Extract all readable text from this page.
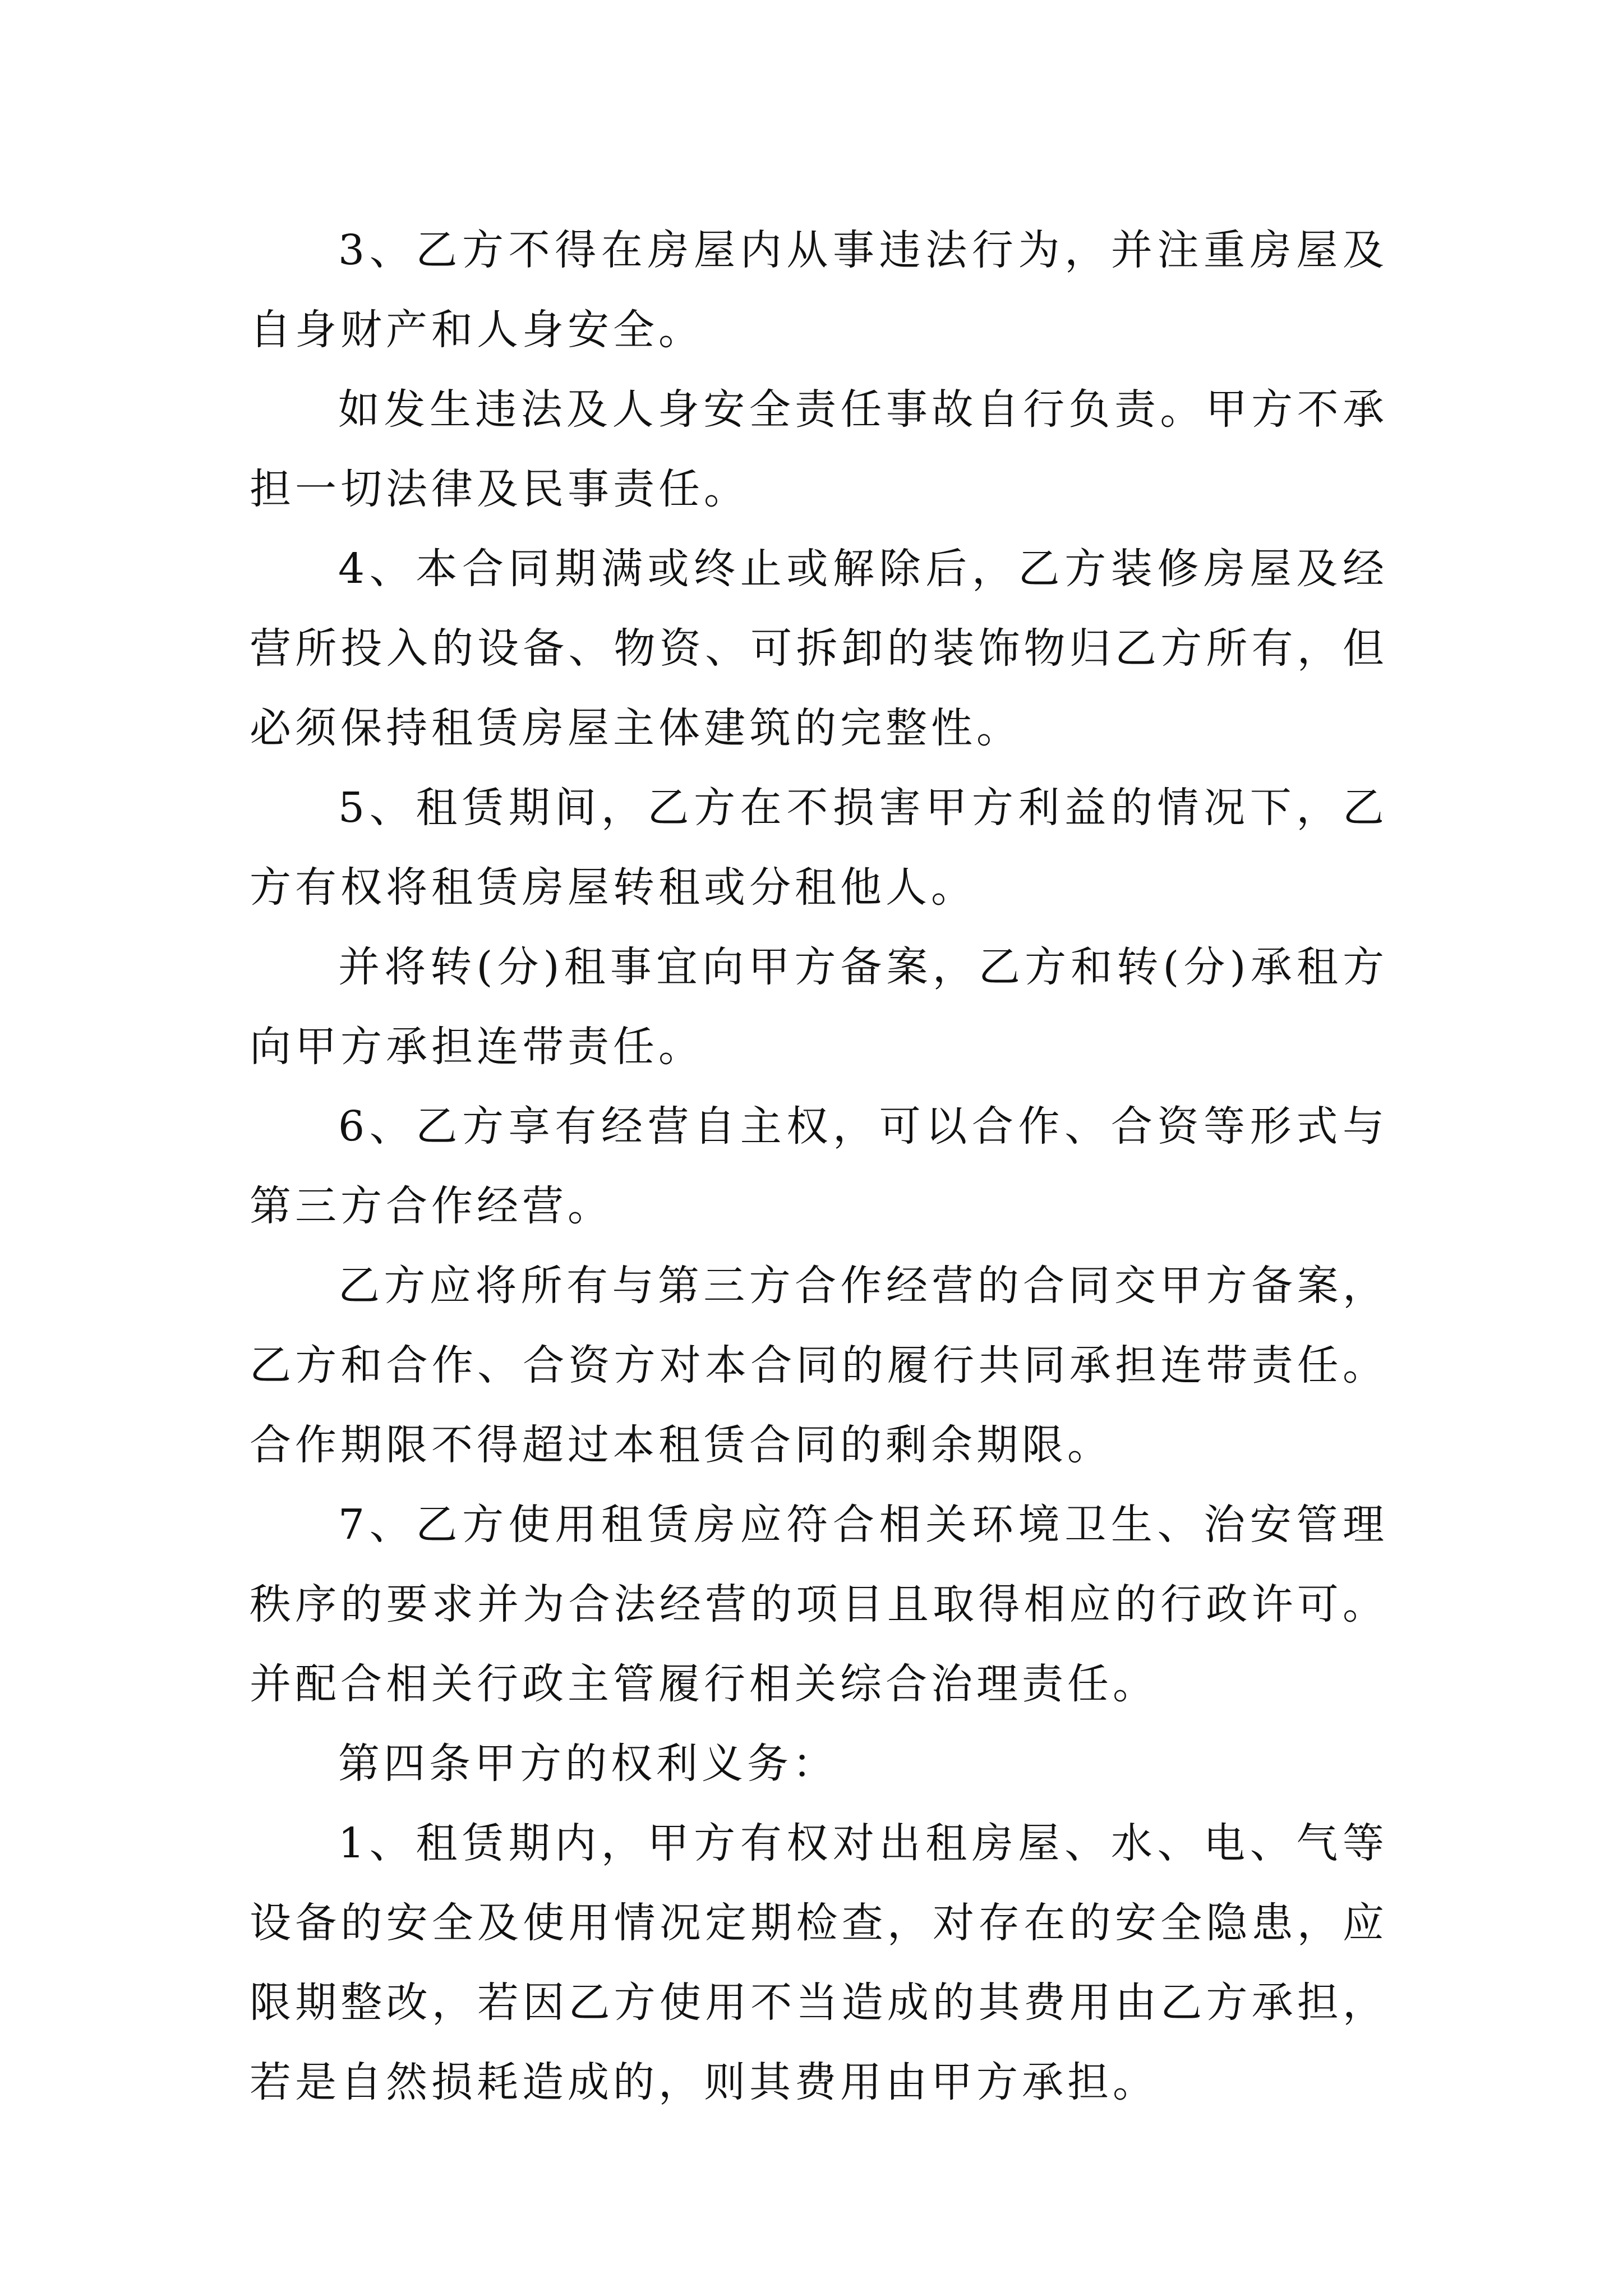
3、乙方不得在房屋内从事违法行为，并注重房屋及自身财产和人身安全。

如发生违法及人身安全责任事故自行负责。甲方不承担一切法律及民事责任。

4、本合同期满或终止或解除后，乙方装修房屋及经营所投入的设备、物资、可拆卸的装饰物归乙方所有，但必须保持租赁房屋主体建筑的完整性。

5、租赁期间，乙方在不损害甲方利益的情况下，乙方有权将租赁房屋转租或分租他人。

并将转(分)租事宜向甲方备案，乙方和转(分)承租方向甲方承担连带责任。

6、乙方享有经营自主权，可以合作、合资等形式与第三方合作经营。

乙方应将所有与第三方合作经营的合同交甲方备案，乙方和合作、合资方对本合同的履行共同承担连带责任。合作期限不得超过本租赁合同的剩余期限。

7、乙方使用租赁房应符合相关环境卫生、治安管理秩序的要求并为合法经营的项目且取得相应的行政许可。并配合相关行政主管履行相关综合治理责任。

第四条甲方的权利义务：

1、租赁期内，甲方有权对出租房屋、水、电、气等设备的安全及使用情况定期检查，对存在的安全隐患，应限期整改，若因乙方使用不当造成的其费用由乙方承担，若是自然损耗造成的，则其费用由甲方承担。
